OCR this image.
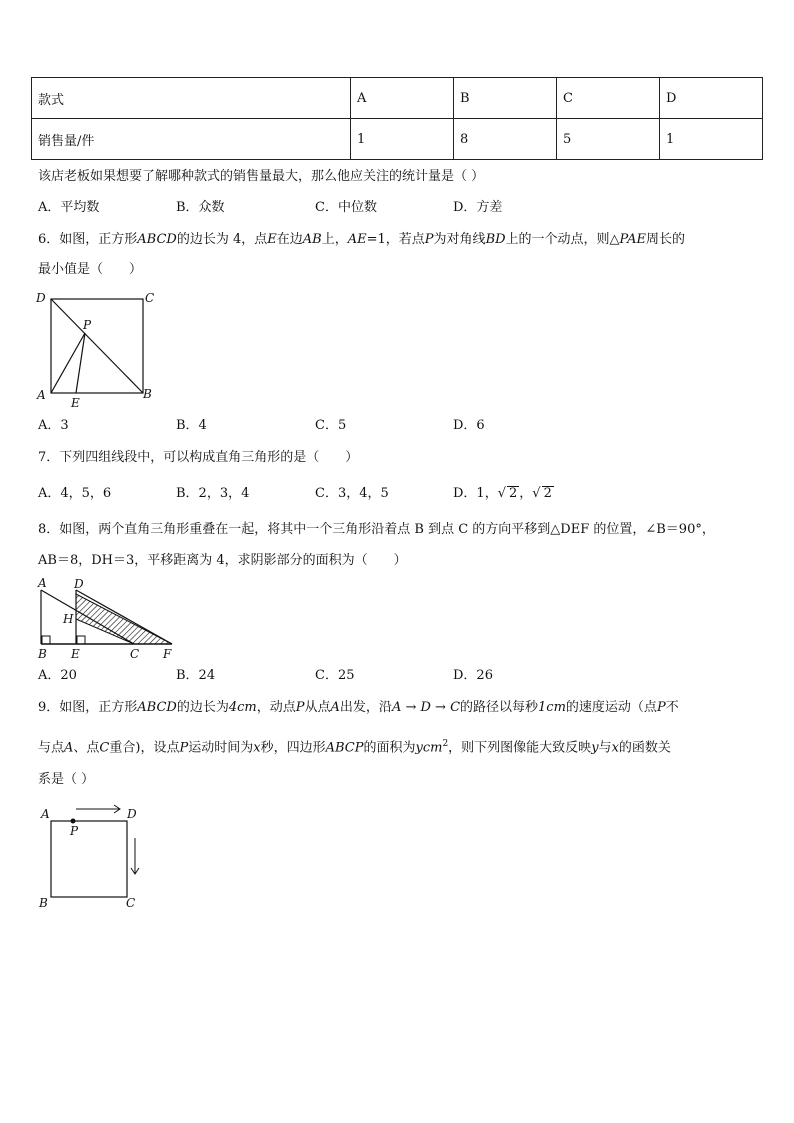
款式	A	B	C	D
销售量/件	1	8	5	1
该店老板如果想要了解哪种款式的销售量最大，那么他应关注的统计量是（ ）
A．平均数	B．众数	C．中位数	D．方差
6．如图，正方形ABCD的边长为 4，点E在边AB上，AE=1，若点P为对角线BD上的一个动点，则△PAE周长的
最小值是（　　）
D	C
P
A
E
B
A．3	B．4	C．5	D．6
7．下列四组线段中，可以构成直角三角形的是（　　）
A．4，5，6	B．2，3，4	C．3，4，5	D．1，√ 2 ，√ 2
8．如图，两个直角三角形重叠在一起，将其中一个三角形沿着点 B 到点 C 的方向平移到△DEF 的位置，∠B＝90°，
AB＝8，DH＝3，平移距离为 4，求阴影部分的面积为（　　）
A D
H
B E	C F
A．20	B．24	C．25	D．26
9．如图，正方形ABCD的边长为4cm，动点P从点A出发，沿A → D → C的路径以每秒1cm的速度运动（点P不
与点A、点C重合)，设点P运动时间为x秒，四边形ABCP的面积为ycm$^2$，则下列图像能大致反映y与x的函数关
系是（ ）
A	D
P
B	C
